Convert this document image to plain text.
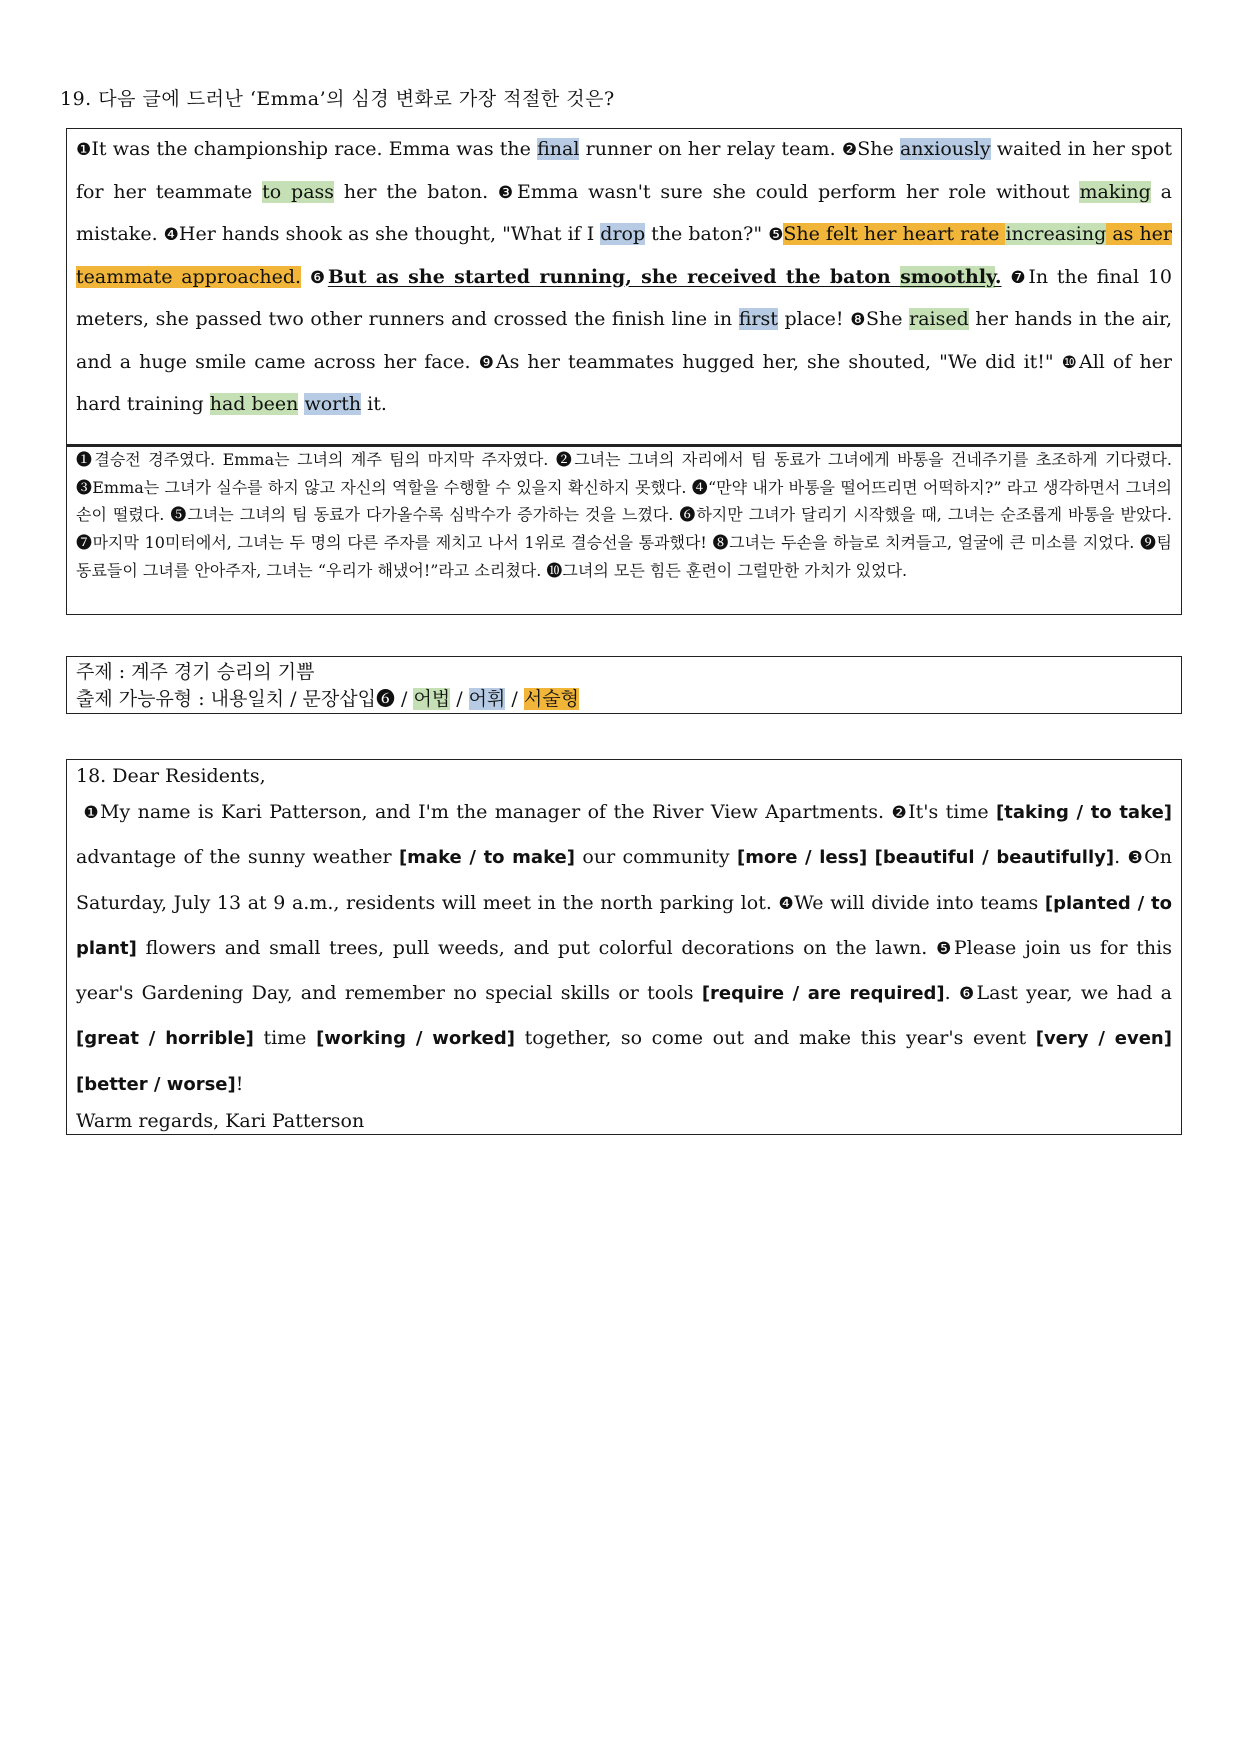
19. 다음 글에 드러난 ‘Emma’의 심경 변화로 가장 적절한 것은?
❶It was the championship race. Emma was the final runner on her relay team. ❷She anxiously waited in her spot for her teammate to pass her the baton. ❸Emma wasn't sure she could perform her role without making a mistake. ❹Her hands shook as she thought, "What if I drop the baton?" ❺She felt her heart rate increasing as her teammate approached. ❻But as she started running, she received the baton smoothly. ❼In the final 10 meters, she passed two other runners and crossed the finish line in first place! ❽She raised her hands in the air, and a huge smile came across her face. ❾As her teammates hugged her, she shouted, "We did it!" ❿All of her hard training had been worth it.
❶결승전 경주였다. Emma는 그녀의 계주 팀의 마지막 주자였다. ❷그녀는 그녀의 자리에서 팀 동료가 그녀에게 바통을 건네주기를 초조하게 기다렸다. ❸Emma는 그녀가 실수를 하지 않고 자신의 역할을 수행할 수 있을지 확신하지 못했다. ❹“만약 내가 바통을 떨어뜨리면 어떡하지?” 라고 생각하면서 그녀의 손이 떨렸다. ❺그녀는 그녀의 팀 동료가 다가올수록 심박수가 증가하는 것을 느꼈다. ❻하지만 그녀가 달리기 시작했을 때, 그녀는 순조롭게 바통을 받았다. ❼마지막 10미터에서, 그녀는 두 명의 다른 주자를 제치고 나서 1위로 결승선을 통과했다! ❽그녀는 두손을 하늘로 치켜들고, 얼굴에 큰 미소를 지었다. ❾팀 동료들이 그녀를 안아주자, 그녀는 “우리가 해냈어!”라고 소리쳤다. ❿그녀의 모든 힘든 훈련이 그럴만한 가치가 있었다.
주제 : 계주 경기 승리의 기쁨
출제 가능유형 : 내용일치 / 문장삽입❻ / 어법 / 어휘 / 서술형
18. Dear Residents,
❶My name is Kari Patterson, and I'm the manager of the River View Apartments. ❷It's time [taking / to take] advantage of the sunny weather [make / to make] our community [more / less] [beautiful / beautifully]. ❸On Saturday, July 13 at 9 a.m., residents will meet in the north parking lot. ❹We will divide into teams [planted / to plant] flowers and small trees, pull weeds, and put colorful decorations on the lawn. ❺Please join us for this year's Gardening Day, and remember no special skills or tools [require / are required]. ❻Last year, we had a [great / horrible] time [working / worked] together, so come out and make this year's event [very / even] [better / worse]!
Warm regards, Kari Patterson
